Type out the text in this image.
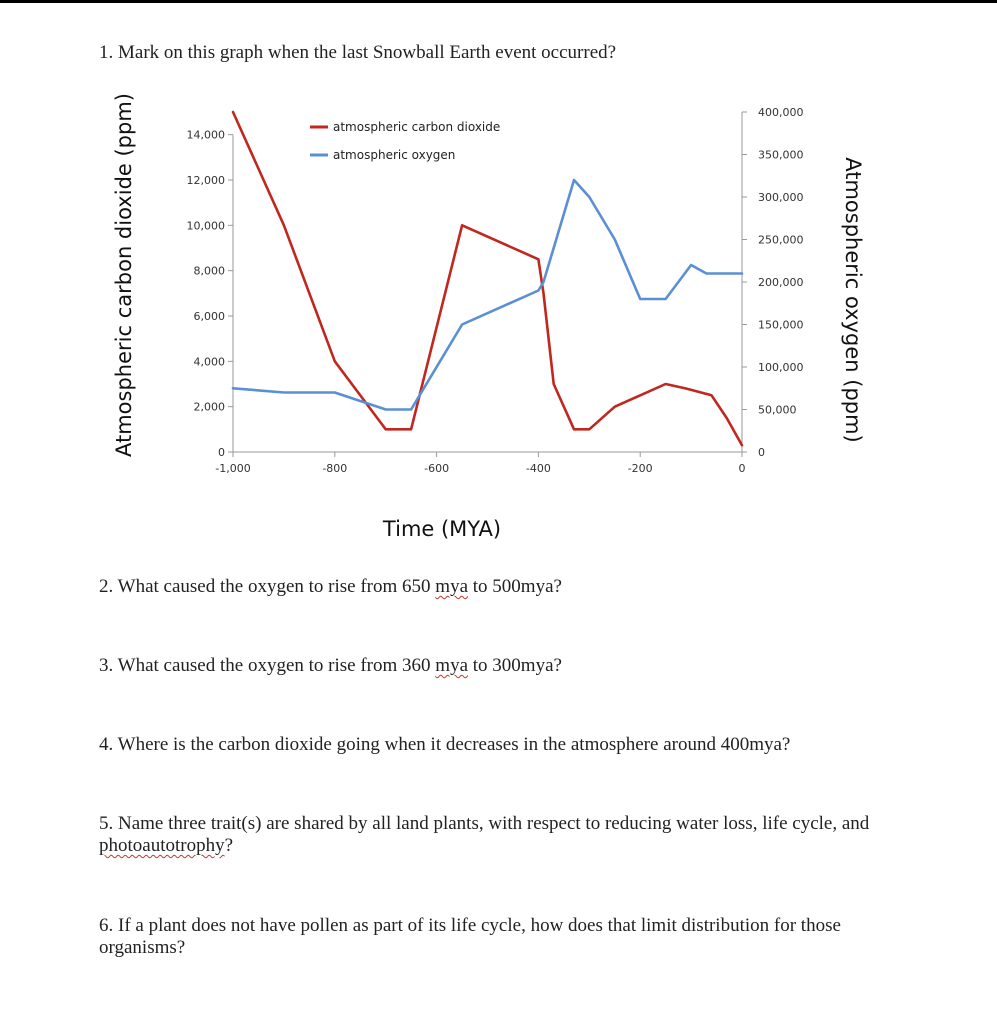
1. Mark on this graph when the last Snowball Earth event occurred?

0
2,000
4,000
6,000
8,000
10,000
12,000
14,000
0
50,000
100,000
150,000
200,000
250,000
300,000
350,000
400,000
-1,000	-800	-600	-400	-200	0
atmospheric carbon dioxide
atmospheric oxygen
Atmospheric carbon dioxide (ppm)	Atmospheric oxygen (ppm)
Time (MYA)

2. What caused the oxygen to rise from 650 mya to 500mya?

3. What caused the oxygen to rise from 360 mya to 300mya?

4. Where is the carbon dioxide going when it decreases in the atmosphere around 400mya?

5. Name three trait(s) are shared by all land plants, with respect to reducing water loss, life cycle, and photoautotrophy?

6. If a plant does not have pollen as part of its life cycle, how does that limit distribution for those organisms?
